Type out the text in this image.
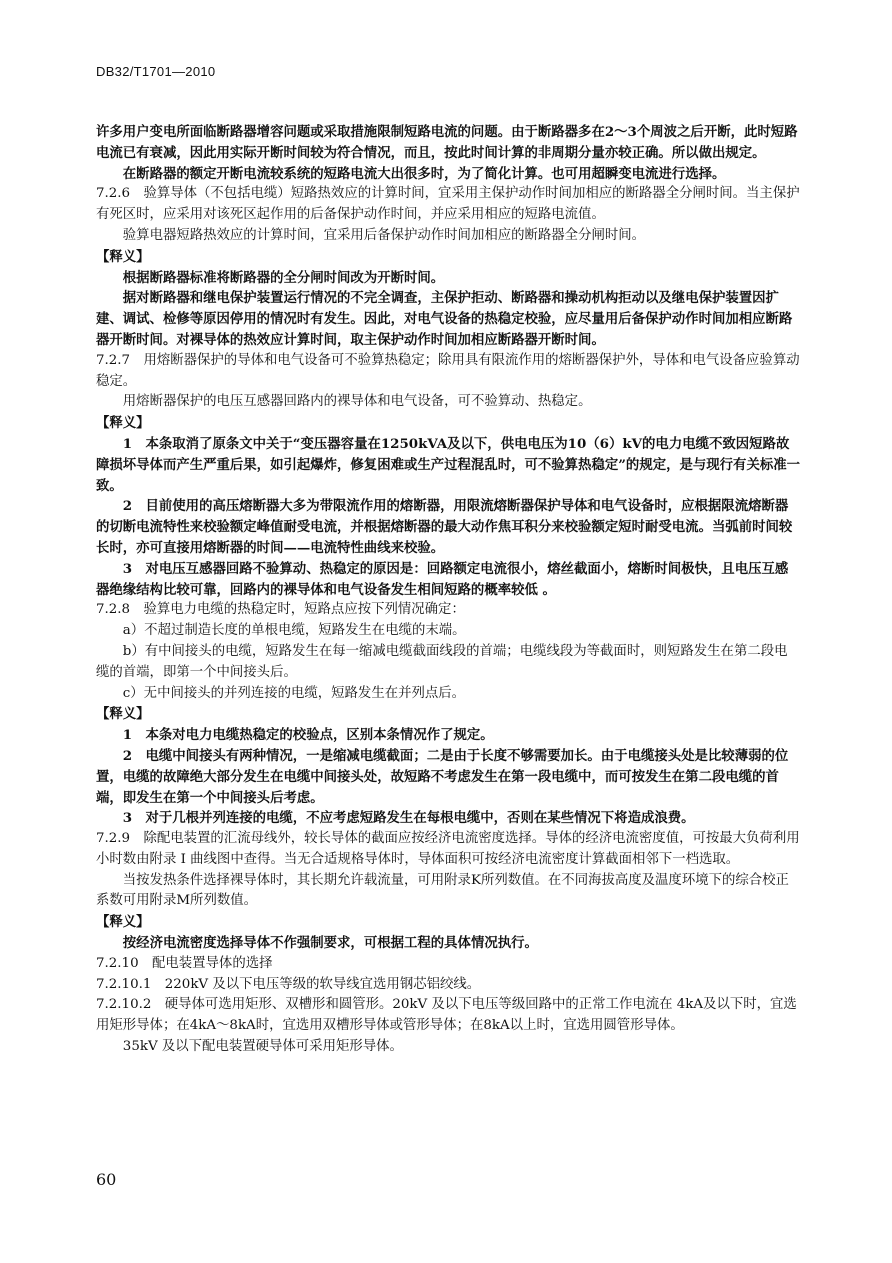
DB32/T1701—2010

许多用户变电所面临断路器增容问题或采取措施限制短路电流的问题。由于断路器多在2～3个周波之后开断，此时短路电流已有衰减，因此用实际开断时间较为符合情况，而且，按此时间计算的非周期分量亦较正确。所以做出规定。

在断路器的额定开断电流较系统的短路电流大出很多时，为了简化计算。也可用超瞬变电流进行选择。

7.2.6　验算导体（不包括电缆）短路热效应的计算时间，宜采用主保护动作时间加相应的断路器全分闸时间。当主保护有死区时，应采用对该死区起作用的后备保护动作时间，并应采用相应的短路电流值。

验算电器短路热效应的计算时间，宜采用后备保护动作时间加相应的断路器全分闸时间。

【释义】

根据断路器标准将断路器的全分闸时间改为开断时间。

据对断路器和继电保护装置运行情况的不完全调查，主保护拒动、断路器和操动机构拒动以及继电保护装置因扩建、调试、检修等原因停用的情况时有发生。因此，对电气设备的热稳定校验，应尽量用后备保护动作时间加相应断路器开断时间。对裸导体的热效应计算时间，取主保护动作时间加相应断路器开断时间。

7.2.7　用熔断器保护的导体和电气设备可不验算热稳定；除用具有限流作用的熔断器保护外，导体和电气设备应验算动稳定。

用熔断器保护的电压互感器回路内的裸导体和电气设备，可不验算动、热稳定。

【释义】

1　本条取消了原条文中关于“变压器容量在1250kVA及以下，供电电压为10（6）kV的电力电缆不致因短路故障损坏导体而产生严重后果，如引起爆炸，修复困难或生产过程混乱时，可不验算热稳定”的规定，是与现行有关标准一致。

2　目前使用的高压熔断器大多为带限流作用的熔断器，用限流熔断器保护导体和电气设备时，应根据限流熔断器的切断电流特性来校验额定峰值耐受电流，并根据熔断器的最大动作焦耳积分来校验额定短时耐受电流。当弧前时间较长时，亦可直接用熔断器的时间——电流特性曲线来校验。

3　对电压互感器回路不验算动、热稳定的原因是：回路额定电流很小，熔丝截面小，熔断时间极快，且电压互感器绝缘结构比较可靠，回路内的裸导体和电气设备发生相间短路的概率较低 。

7.2.8　验算电力电缆的热稳定时，短路点应按下列情况确定：

a）不超过制造长度的单根电缆，短路发生在电缆的末端。

b）有中间接头的电缆，短路发生在每一缩减电缆截面线段的首端；电缆线段为等截面时，则短路发生在第二段电缆的首端，即第一个中间接头后。

c）无中间接头的并列连接的电缆，短路发生在并列点后。

【释义】

1　本条对电力电缆热稳定的校验点，区别本条情况作了规定。

2　电缆中间接头有两种情况，一是缩减电缆截面；二是由于长度不够需要加长。由于电缆接头处是比较薄弱的位置，电缆的故障绝大部分发生在电缆中间接头处，故短路不考虑发生在第一段电缆中，而可按发生在第二段电缆的首端，即发生在第一个中间接头后考虑。

3　对于几根并列连接的电缆，不应考虑短路发生在每根电缆中，否则在某些情况下将造成浪费。

7.2.9　除配电装置的汇流母线外，较长导体的截面应按经济电流密度选择。导体的经济电流密度值，可按最大负荷利用小时数由附录 I 曲线图中查得。当无合适规格导体时，导体面积可按经济电流密度计算截面相邻下一档选取。

当按发热条件选择裸导体时，其长期允许载流量，可用附录K所列数值。在不同海拔高度及温度环境下的综合校正系数可用附录M所列数值。

【释义】

按经济电流密度选择导体不作强制要求，可根据工程的具体情况执行。

7.2.10　配电装置导体的选择

7.2.10.1　220kV 及以下电压等级的软导线宜选用钢芯铝绞线。

7.2.10.2　硬导体可选用矩形、双槽形和圆管形。20kV 及以下电压等级回路中的正常工作电流在 4kA及以下时，宜选用矩形导体；在4kA～8kA时，宜选用双槽形导体或管形导体；在8kA以上时，宜选用圆管形导体。

35kV 及以下配电装置硬导体可采用矩形导体。

60
